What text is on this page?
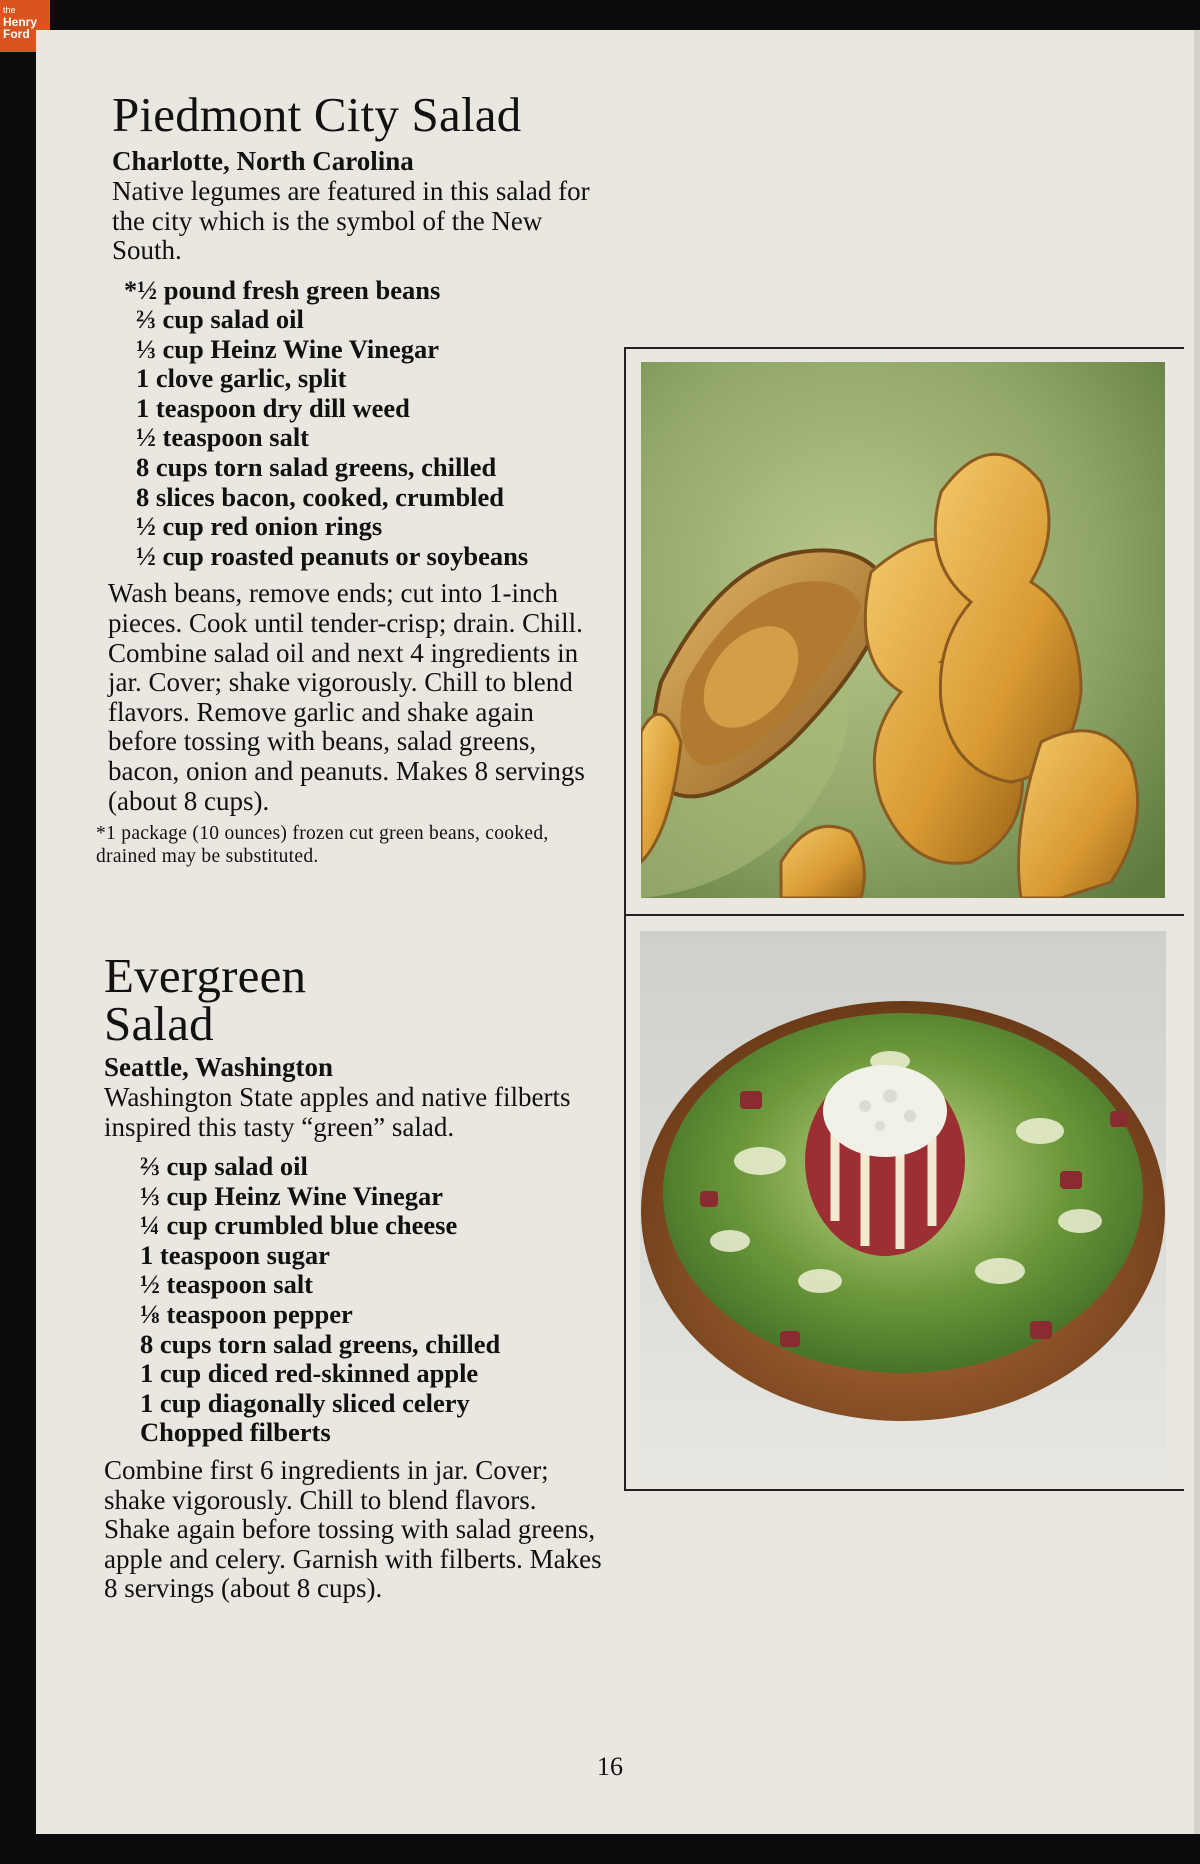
the
Henry
Ford
Piedmont City Salad
Charlotte, North Carolina
Native legumes are featured in this salad for the city which is the symbol of the New South.
*½ pound fresh green beans
⅔ cup salad oil
⅓ cup Heinz Wine Vinegar
1 clove garlic, split
1 teaspoon dry dill weed
½ teaspoon salt
8 cups torn salad greens, chilled
8 slices bacon, cooked, crumbled
½ cup red onion rings
½ cup roasted peanuts or soybeans
Wash beans, remove ends; cut into 1-inch pieces. Cook until tender-crisp; drain. Chill. Combine salad oil and next 4 ingredients in jar. Cover; shake vigorously. Chill to blend flavors. Remove garlic and shake again before tossing with beans, salad greens, bacon, onion and peanuts. Makes 8 servings (about 8 cups).
*1 package (10 ounces) frozen cut green beans, cooked, drained may be substituted.
Evergreen Salad
Seattle, Washington
Washington State apples and native filberts inspired this tasty “green” salad.
⅔ cup salad oil
⅓ cup Heinz Wine Vinegar
¼ cup crumbled blue cheese
1 teaspoon sugar
½ teaspoon salt
⅛ teaspoon pepper
8 cups torn salad greens, chilled
1 cup diced red-skinned apple
1 cup diagonally sliced celery
Chopped filberts
Combine first 6 ingredients in jar. Cover; shake vigorously. Chill to blend flavors. Shake again before tossing with salad greens, apple and celery. Garnish with filberts. Makes 8 servings (about 8 cups).
16
